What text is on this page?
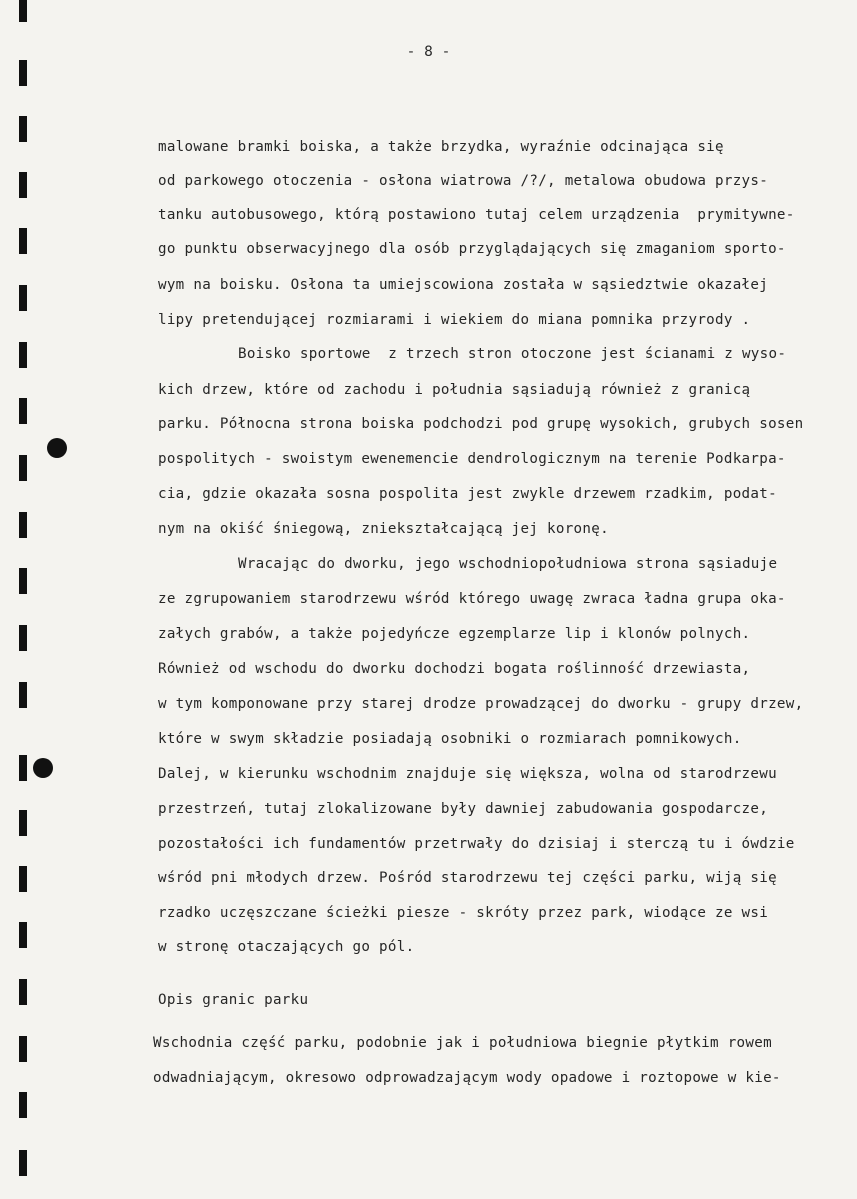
- 8 -
malowane bramki boiska, a także brzydka, wyraźnie odcinająca się
od parkowego otoczenia - osłona wiatrowa /?/, metalowa obudowa przys-
tanku autobusowego, którą postawiono tutaj celem urządzenia  prymitywne-
go punktu obserwacyjnego dla osób przyglądających się zmaganiom sporto-
wym na boisku. Osłona ta umiejscowiona została w sąsiedztwie okazałej
lipy pretendującej rozmiarami i wiekiem do miana pomnika przyrody .
Boisko sportowe  z trzech stron otoczone jest ścianami z wyso-
kich drzew, które od zachodu i południa sąsiadują również z granicą
parku. Północna strona boiska podchodzi pod grupę wysokich, grubych sosen
pospolitych - swoistym ewenemencie dendrologicznym na terenie Podkarpa-
cia, gdzie okazała sosna pospolita jest zwykle drzewem rzadkim, podat-
nym na okiść śniegową, zniekształcającą jej koronę.
Wracając do dworku, jego wschodniopołudniowa strona sąsiaduje
ze zgrupowaniem starodrzewu wśród którego uwagę zwraca ładna grupa oka-
załych grabów, a także pojedyńcze egzemplarze lip i klonów polnych.
Również od wschodu do dworku dochodzi bogata roślinność drzewiasta,
w tym komponowane przy starej drodze prowadzącej do dworku - grupy drzew,
które w swym składzie posiadają osobniki o rozmiarach pomnikowych.
Dalej, w kierunku wschodnim znajduje się większa, wolna od starodrzewu
przestrzeń, tutaj zlokalizowane były dawniej zabudowania gospodarcze,
pozostałości ich fundamentów przetrwały do dzisiaj i sterczą tu i ówdzie
wśród pni młodych drzew. Pośród starodrzewu tej części parku, wiją się
rzadko uczęszczane ścieżki piesze - skróty przez park, wiodące ze wsi
w stronę otaczających go pól.
Opis granic parku
Wschodnia część parku, podobnie jak i południowa biegnie płytkim rowem
odwadniającym, okresowo odprowadzającym wody opadowe i roztopowe w kie-
